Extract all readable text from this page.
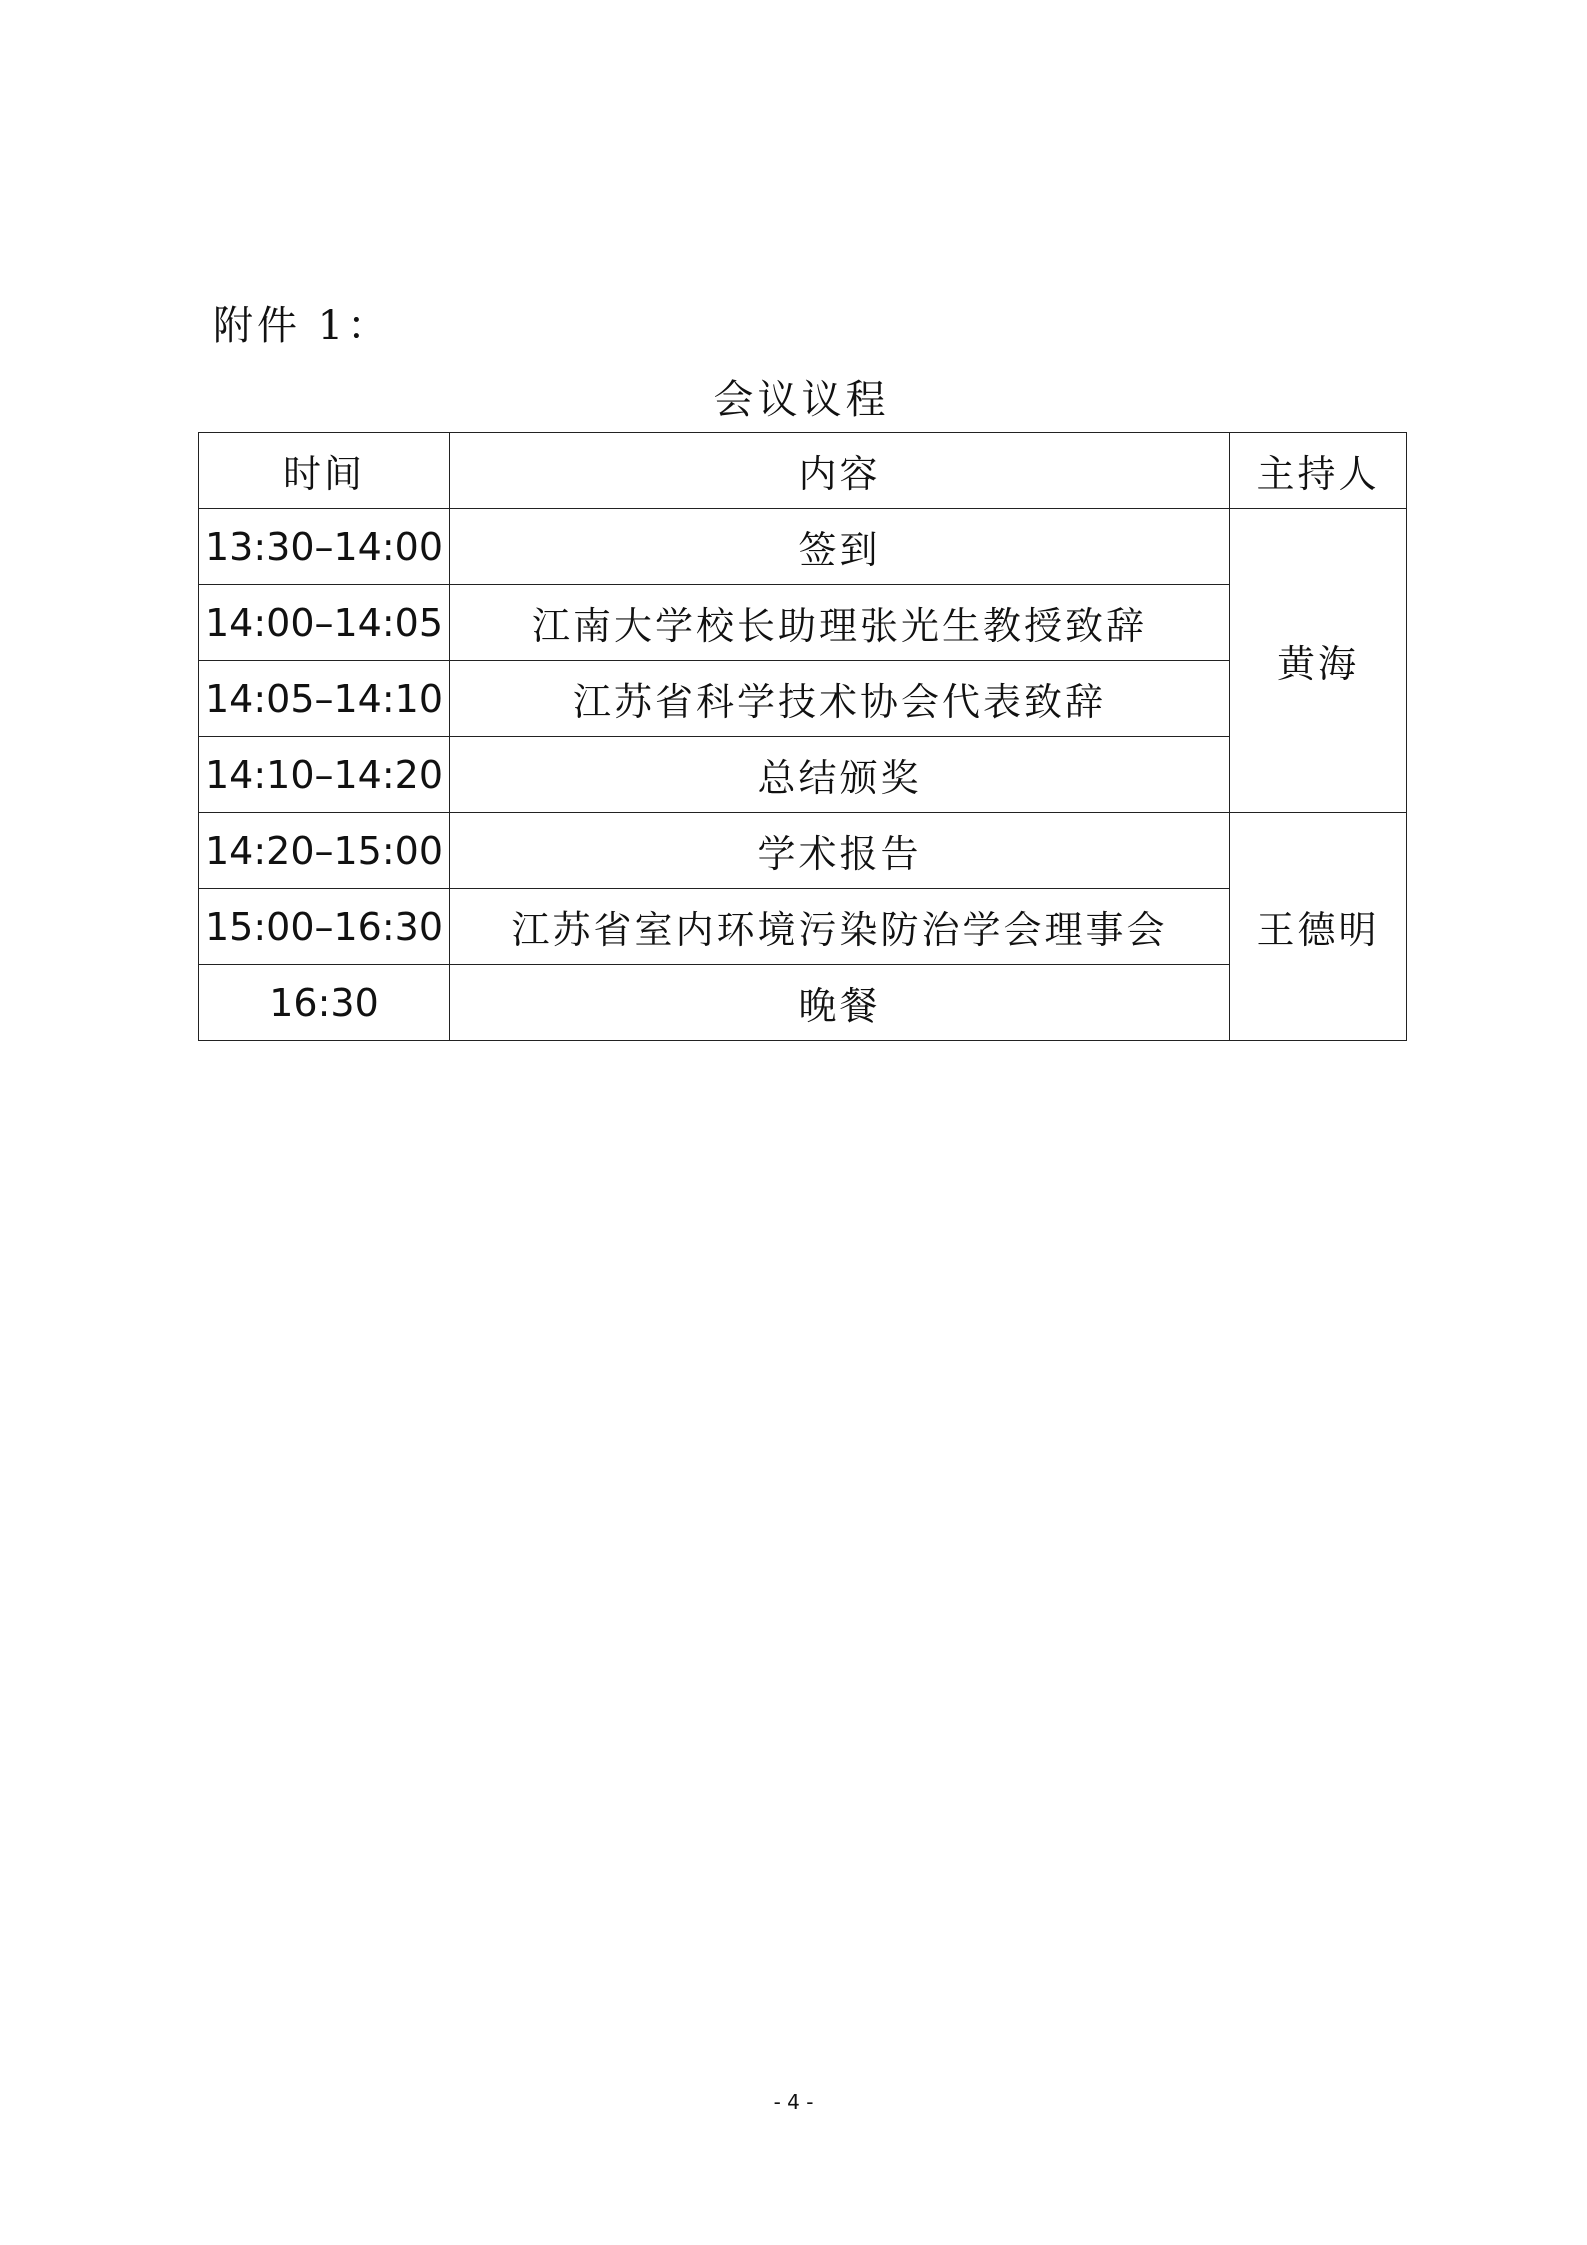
附件 1：
会议议程
时间	内容	主持人
13:30–14:00	签到	黄海
14:00–14:05	江南大学校长助理张光生教授致辞	
14:05–14:10	江苏省科学技术协会代表致辞	
14:10–14:20	总结颁奖	
14:20–15:00	学术报告	王德明
15:00–16:30	江苏省室内环境污染防治学会理事会	
16:30	晚餐	
- 4 -
